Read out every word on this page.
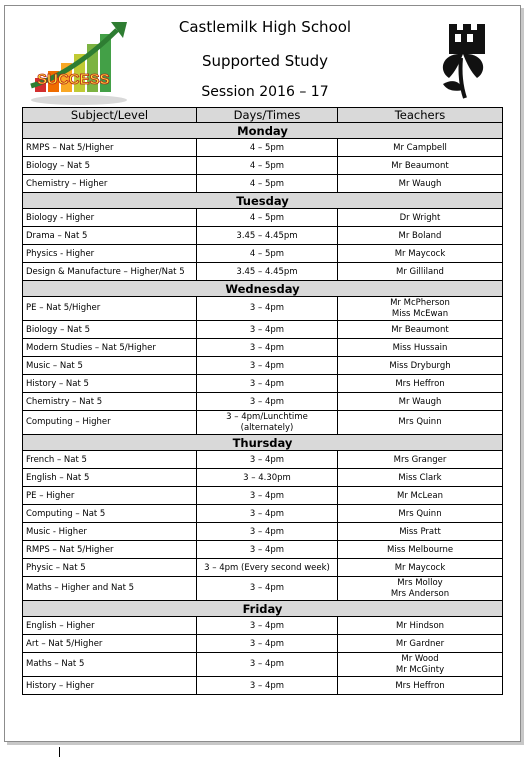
SUCCESS
Castlemilk High School
Supported Study
Session 2016 – 17
Subject/Level	Days/Times	Teachers
Monday		
RMPS – Nat 5/Higher	4 – 5pm	Mr Campbell

Biology – Nat 5	4 – 5pm	Mr Beaumont

Chemistry – Higher	4 – 5pm	Mr Waugh

Tuesday		
Biology - Higher	4 – 5pm	Dr Wright

Drama – Nat 5	3.45 – 4.45pm	Mr Boland

Physics - Higher	4 – 5pm	Mr Maycock

Design & Manufacture – Higher/Nat 5	3.45 – 4.45pm	Mr Gilliland

Wednesday		
PE – Nat 5/Higher	3 – 4pm	Mr McPherson
Miss McEwan

Biology – Nat 5	3 – 4pm	Mr Beaumont

Modern Studies – Nat 5/Higher	3 – 4pm	Miss Hussain

Music – Nat 5	3 – 4pm	Miss Dryburgh

History – Nat 5	3 – 4pm	Mrs Heffron

Chemistry – Nat 5	3 – 4pm	Mr Waugh

Computing – Higher	3 – 4pm/Lunchtime (alternately)	Mrs Quinn

Thursday		
French – Nat 5	3 – 4pm	Mrs Granger

English – Nat 5	3 – 4.30pm	Miss Clark

PE – Higher	3 – 4pm	Mr McLean

Computing – Nat 5	3 – 4pm	Mrs Quinn

Music - Higher	3 – 4pm	Miss Pratt

RMPS – Nat 5/Higher	3 – 4pm	Miss Melbourne

Physic – Nat 5	3 – 4pm (Every second week)	Mr Maycock

Maths – Higher and Nat 5	3 – 4pm	Mrs Molloy
Mrs Anderson

Friday		
English – Higher	3 – 4pm	Mr Hindson

Art – Nat 5/Higher	3 – 4pm	Mr Gardner

Maths – Nat 5	3 – 4pm	Mr Wood
Mr McGinty

History – Higher	3 – 4pm	Mrs Heffron
